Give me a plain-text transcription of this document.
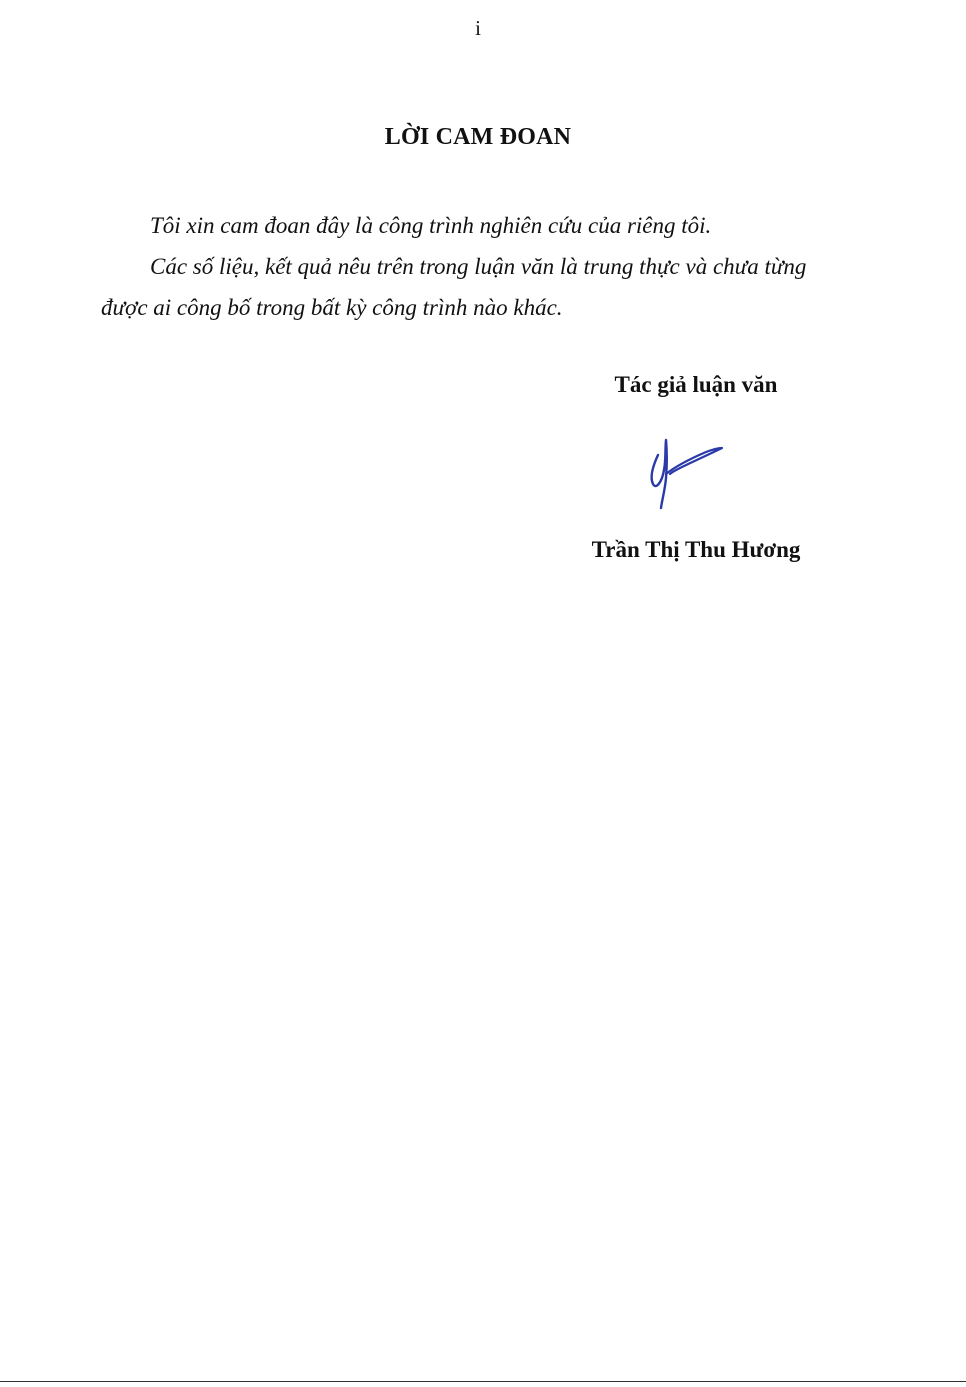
i
LỜI CAM ĐOAN
Tôi xin cam đoan đây là công trình nghiên cứu của riêng tôi.
Các số liệu, kết quả nêu trên trong luận văn là trung thực và chưa từng
được ai công bố trong bất kỳ công trình nào khác.
Tác giả luận văn
Trần Thị Thu Hương
